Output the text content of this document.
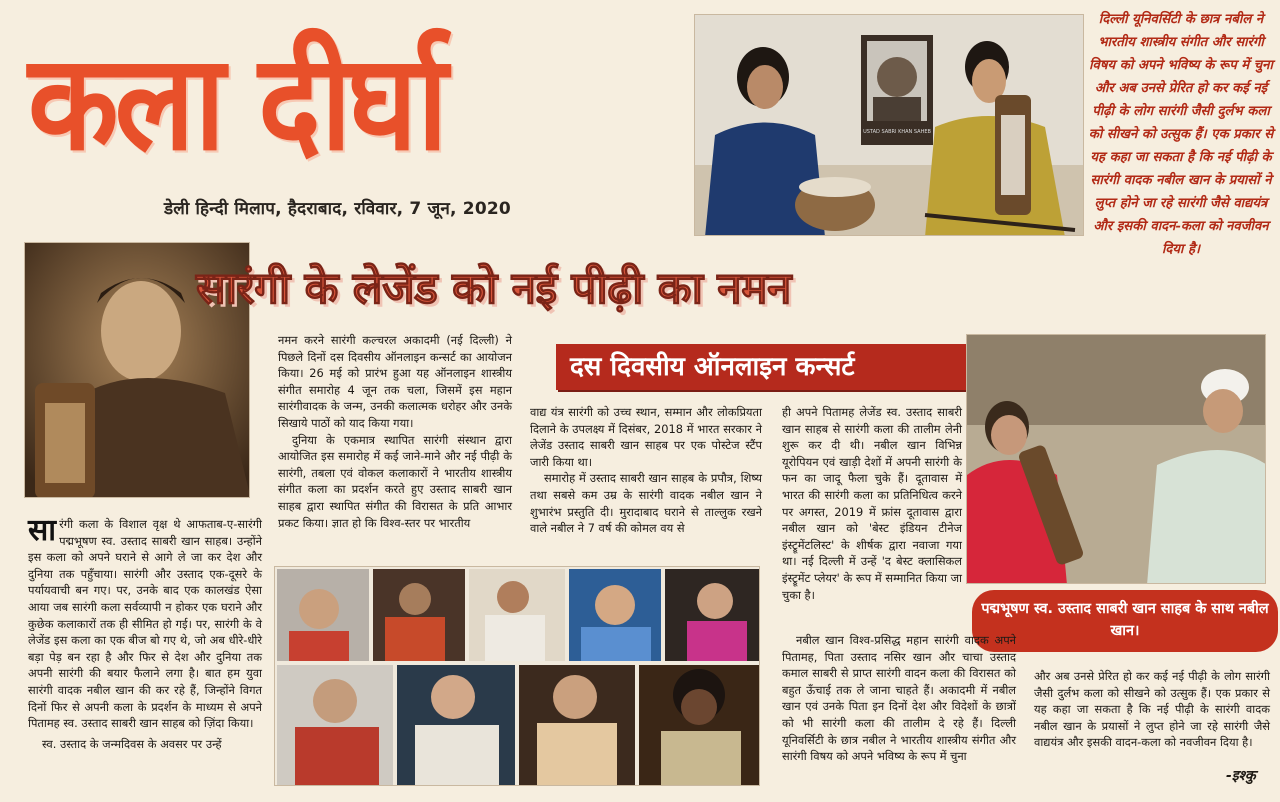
कला दीर्घा
डेली हिन्दी मिलाप, हैदराबाद, रविवार, 7 जून, 2020
USTAD SABRI KHAN SAHEB
दिल्ली यूनिवर्सिटी के छात्र नबील ने भारतीय शास्त्रीय संगीत और सारंगी विषय को अपने भविष्य के रूप में चुना और अब उनसे प्रेरित हो कर कई नई पीढ़ी के लोग सारंगी जैसी दुर्लभ कला को सीखने को उत्सुक हैं। एक प्रकार से यह कहा जा सकता है कि नई पीढ़ी के सारंगी वादक नबील खान के प्रयासों ने लुप्त होने जा रहे सारंगी जैसे वाद्ययंत्र और इसकी वादन-कला को नवजीवन दिया है।
सारंगी के लेजेंड को नई पीढ़ी का नमन
दस दिवसीय ऑनलाइन कन्सर्ट
पद्मभूषण स्व. उस्ताद साबरी खान साहब के साथ नबील खान।
सारंगी कला के विशाल वृक्ष थे आफताब-ए-सारंगी पद्मभूषण स्व. उस्ताद साबरी खान साहब। उन्होंने इस कला को अपने घराने से आगे ले जा कर देश और दुनिया तक पहुँचाया। सारंगी और उस्ताद एक-दूसरे के पर्यायवाची बन गए। पर, उनके बाद एक कालखंड ऐसा आया जब सारंगी कला सर्वव्यापी न होकर एक घराने और कुछेक कलाकारों तक ही सीमित हो गई। पर, सारंगी के वे लेजेंड इस कला का एक बीज बो गए थे, जो अब धीरे-धीरे बड़ा पेड़ बन रहा है और फिर से देश और दुनिया तक अपनी सारंगी की बयार फैलाने लगा है। बात हम युवा सारंगी वादक नबील खान की कर रहे हैं, जिन्होंने विगत दिनों फिर से अपनी कला के प्रदर्शन के माध्यम से अपने पितामह स्व. उस्ताद साबरी खान साहब को ज़िंदा किया।

स्व. उस्ताद के जन्मदिवस के अवसर पर उन्हें

नमन करने सारंगी कल्चरल अकादमी (नई दिल्ली) ने पिछले दिनों दस दिवसीय ऑनलाइन कन्सर्ट का आयोजन किया। 26 मई को प्रारंभ हुआ यह ऑनलाइन शास्त्रीय संगीत समारोह 4 जून तक चला, जिसमें इस महान सारंगीवादक के जन्म, उनकी कलात्मक धरोहर और उनके सिखाये पाठों को याद किया गया।

दुनिया के एकमात्र स्थापित सारंगी संस्थान द्वारा आयोजित इस समारोह में कई जाने-माने और नई पीढ़ी के सारंगी, तबला एवं वोकल कलाकारों ने भारतीय शास्त्रीय संगीत कला का प्रदर्शन करते हुए उस्ताद साबरी खान साहब द्वारा स्थापित संगीत की विरासत के प्रति आभार प्रकट किया। ज्ञात हो कि विश्व-स्तर पर भारतीय

वाद्य यंत्र सारंगी को उच्च स्थान, सम्मान और लोकप्रियता दिलाने के उपलक्ष्य में दिसंबर, 2018 में भारत सरकार ने लेजेंड उस्ताद साबरी खान साहब पर एक पोस्टेज स्टैंप जारी किया था।

समारोह में उस्ताद साबरी खान साहब के प्रपौत्र, शिष्य तथा सबसे कम उम्र के सारंगी वादक नबील खान ने शुभारंभ प्रस्तुति दी। मुरादाबाद घराने से ताल्लुक रखने वाले नबील ने 7 वर्ष की कोमल वय से

ही अपने पितामह लेजेंड स्व. उस्ताद साबरी खान साहब से सारंगी कला की तालीम लेनी शुरू कर दी थी। नबील खान विभिन्न यूरोपियन एवं खाड़ी देशों में अपनी सारंगी के फन का जादू फैला चुके हैं। दूतावास में भारत की सारंगी कला का प्रतिनिधित्व करने पर अगस्त, 2019 में फ्रांस दूतावास द्वारा नबील खान को 'बेस्ट इंडियन टीनेज इंस्ट्रूमेंटलिस्ट' के शीर्षक द्वारा नवाजा गया था। नई दिल्ली में उन्हें 'द बेस्ट क्लासिकल इंस्ट्रूमेंट प्लेयर' के रूप में सम्मानित किया जा चुका है।

नबील खान विश्व-प्रसिद्ध महान सारंगी वादक अपने पितामह, पिता उस्ताद नसिर खान और चाचा उस्ताद कमाल साबरी से प्राप्त सारंगी वादन कला की विरासत को बहुत ऊँचाई तक ले जाना चाहते हैं। अकादमी में नबील खान एवं उनके पिता इन दिनों देश और विदेशों के छात्रों को भी सारंगी कला की तालीम दे रहे हैं। दिल्ली यूनिवर्सिटी के छात्र नबील ने भारतीय शास्त्रीय संगीत और सारंगी विषय को अपने भविष्य के रूप में चुना

और अब उनसे प्रेरित हो कर कई नई पीढ़ी के लोग सारंगी जैसी दुर्लभ कला को सीखने को उत्सुक हैं। एक प्रकार से यह कहा जा सकता है कि नई पीढ़ी के सारंगी वादक नबील खान के प्रयासों ने लुप्त होने जा रहे सारंगी जैसे वाद्ययंत्र और इसकी वादन-कला को नवजीवन दिया है।

-इश्कु
